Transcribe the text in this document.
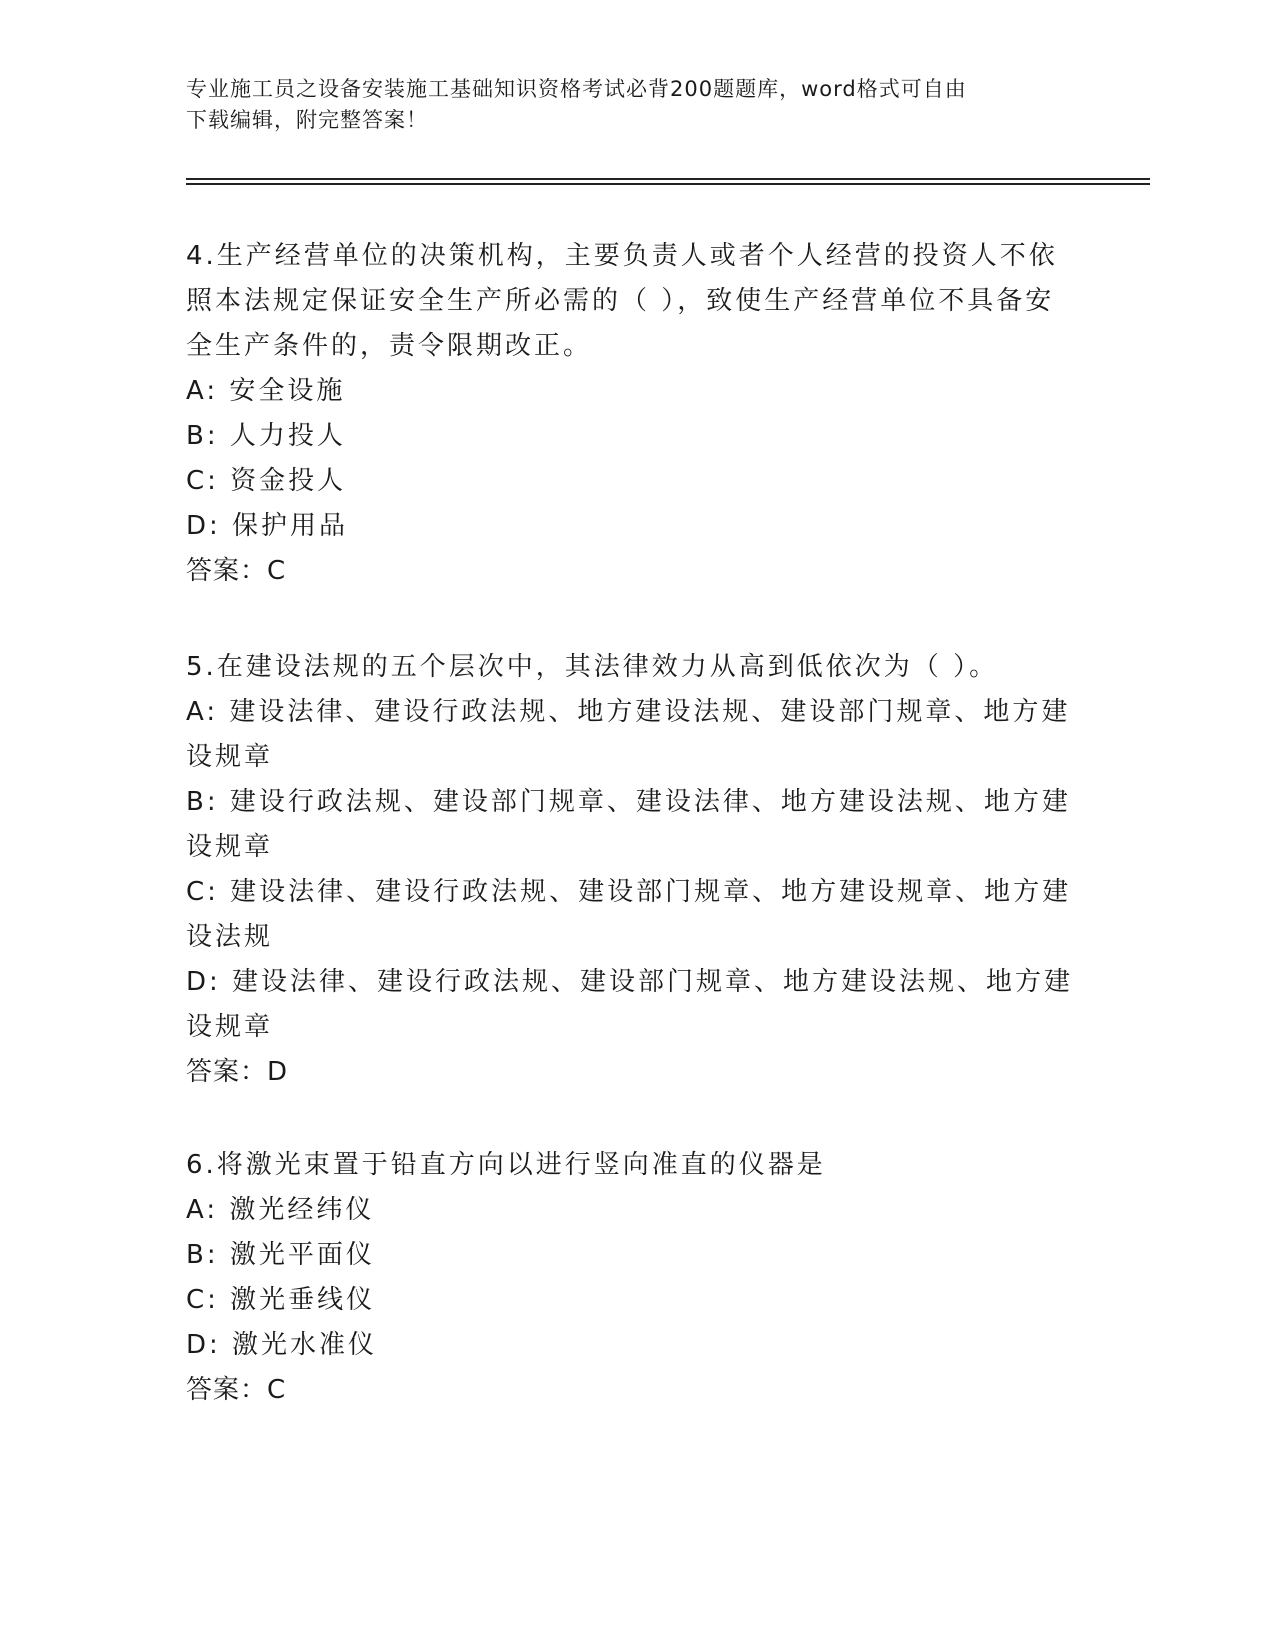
专业施工员之设备安装施工基础知识资格考试必背200题题库，word格式可自由
下载编辑，附完整答案！
4.生产经营单位的决策机构，主要负责人或者个人经营的投资人不依
照本法规定保证安全生产所必需的（ ），致使生产经营单位不具备安
全生产条件的，责令限期改正。
A: 安全设施
B: 人力投人
C: 资金投人
D: 保护用品
答案：C
5.在建设法规的五个层次中，其法律效力从高到低依次为（ ）。
A: 建设法律、建设行政法规、地方建设法规、建设部门规章、地方建
设规章
B: 建设行政法规、建设部门规章、建设法律、地方建设法规、地方建
设规章
C: 建设法律、建设行政法规、建设部门规章、地方建设规章、地方建
设法规
D: 建设法律、建设行政法规、建设部门规章、地方建设法规、地方建
设规章
答案：D
6.将激光束置于铅直方向以进行竖向准直的仪器是
A: 激光经纬仪
B: 激光平面仪
C: 激光垂线仪
D: 激光水准仪
答案：C
